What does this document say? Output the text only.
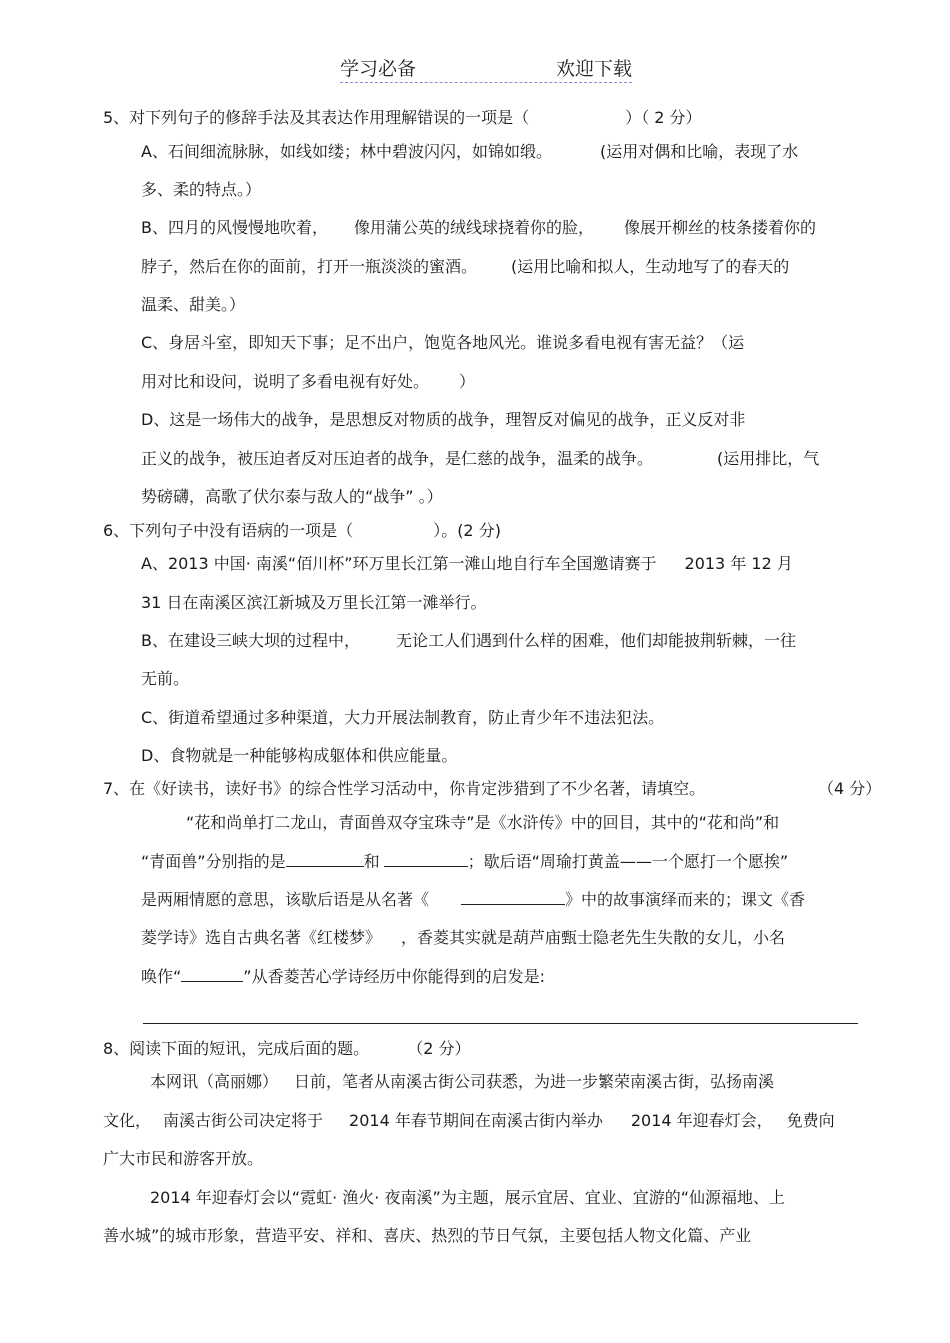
学习必备	欢迎下载
5、对下列句子的修辞手法及其表达作用理解错误的一项是（	）（ 2 分）
A、石间细流脉脉，如线如缕；林中碧波闪闪，如锦如缎。	(运用对偶和比喻，表现了水
多、柔的特点。）
B、四月的风慢慢地吹着， 像用蒲公英的绒线球挠着你的脸， 像展开柳丝的枝条搂着你的
脖子，然后在你的面前，打开一瓶淡淡的蜜酒。 (运用比喻和拟人，生动地写了的春天的
温柔、甜美。）
C、身居斗室，即知天下事；足不出户，饱览各地风光。谁说多看电视有害无益？（运
用对比和设问，说明了多看电视有好处。 ）
D、这是一场伟大的战争，是思想反对物质的战争，理智反对偏见的战争，正义反对非
正义的战争，被压迫者反对压迫者的战争，是仁慈的战争，温柔的战争。	(运用排比，气
势磅礴，高歌了伏尔泰与敌人的“战争” 。）
6、下列句子中没有语病的一项是（	）。(2 分)
A、2013 中国· 南溪“佰川杯”环万里长江第一滩山地自行车全国邀请赛于 2013 年 12 月
31 日在南溪区滨江新城及万里长江第一滩举行。
B、在建设三峡大坝的过程中， 无论工人们遇到什么样的困难，他们却能披荆斩棘，一往
无前。
C、街道希望通过多种渠道，大力开展法制教育，防止青少年不违法犯法。
D、食物就是一种能够构成躯体和供应能量。
7、在《好读书，读好书》的综合性学习活动中，你肯定涉猎到了不少名著，请填空。	（4 分）
“花和尚单打二龙山，青面兽双夺宝珠寺”是《水浒传》中的回目，其中的“花和尚”和
“青面兽”分别指的是	和	；歇后语“周瑜打黄盖——一个愿打一个愿挨”
是两厢情愿的意思，该歇后语是从名著《	》中的故事演绎而来的；课文《香
菱学诗》选自古典名著《红楼梦》 ，香菱其实就是葫芦庙甄士隐老先生失散的女儿，小名
唤作“	”从香菱苦心学诗经历中你能得到的启发是:
8、阅读下面的短讯，完成后面的题。 （2 分）
本网讯（高丽娜） 日前，笔者从南溪古街公司获悉，为进一步繁荣南溪古街，弘扬南溪
文化， 南溪古街公司决定将于 2014 年春节期间在南溪古街内举办 2014 年迎春灯会， 免费向
广大市民和游客开放。
2014 年迎春灯会以“霓虹· 渔火· 夜南溪”为主题，展示宜居、宜业、宜游的“仙源福地、上
善水城”的城市形象，营造平安、祥和、喜庆、热烈的节日气氛，主要包括人物文化篇、产业
